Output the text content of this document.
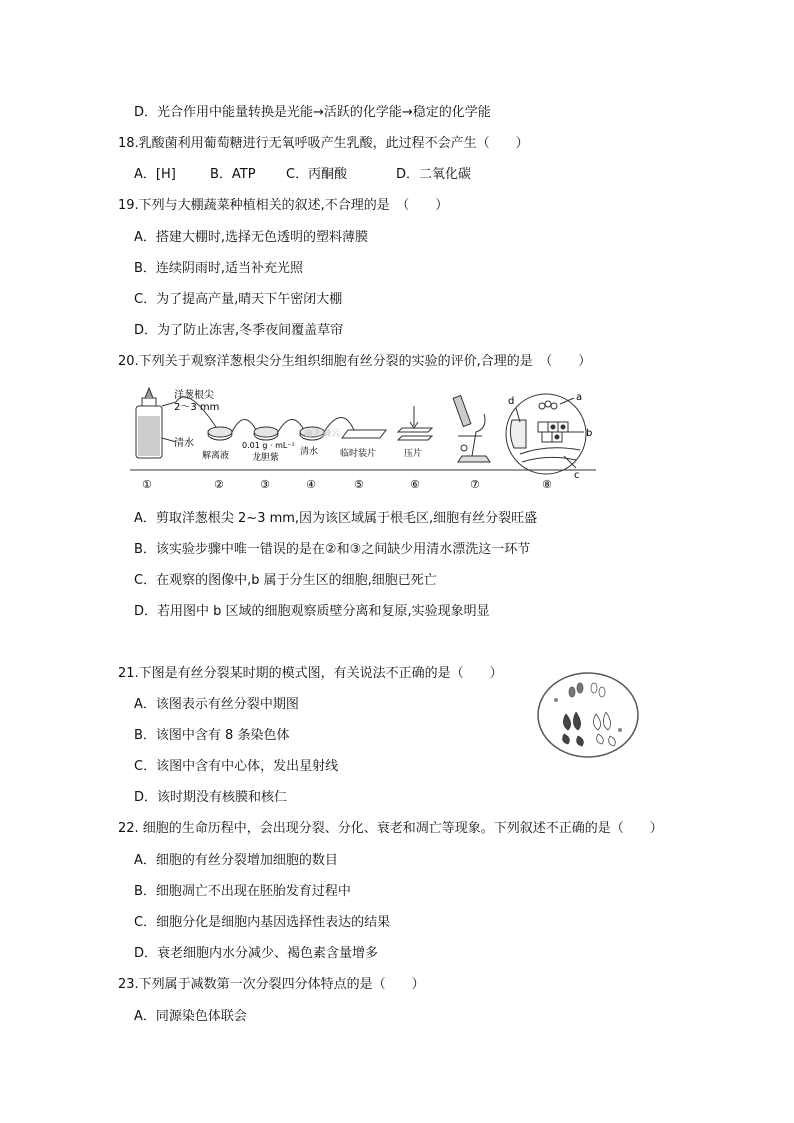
D．光合作用中能量转换是光能→活跃的化学能→稳定的化学能
18.乳酸菌利用葡萄糖进行无氧呼吸产生乳酸，此过程不会产生（　　）
A．[H]	B．ATP C．丙酮酸	D．二氧化碳
19.下列与大棚蔬菜种植相关的叙述,不合理的是　（　　）
A．搭建大棚时,选择无色透明的塑料薄膜
B．连续阴雨时,适当补充光照
C．为了提高产量,晴天下午密闭大棚
D．为了防止冻害,冬季夜间覆盖草帘
20.下列关于观察洋葱根尖分生组织细胞有丝分裂的实验的评价,合理的是　（　　）
洋葱根尖
2～3 mm
清水
解离液
0.01 g · mL⁻¹
龙胆紫
清水
@正确云
临时装片	压片
a
b
c
d
①	②	③	④	⑤	⑥	⑦	⑧
A．剪取洋葱根尖 2~3 mm,因为该区域属于根毛区,细胞有丝分裂旺盛
B．该实验步骤中唯一错误的是在②和③之间缺少用清水漂洗这一环节
C．在观察的图像中,b 属于分生区的细胞,细胞已死亡
D．若用图中 b 区域的细胞观察质壁分离和复原,实验现象明显
21.下图是有丝分裂某时期的模式图，有关说法不正确的是（　　）
A．该图表示有丝分裂中期图
B．该图中含有 8 条染色体
C．该图中含有中心体，发出星射线
D．该时期没有核膜和核仁
22. 细胞的生命历程中，会出现分裂、分化、衰老和凋亡等现象。下列叙述不正确的是（　　）
A．细胞的有丝分裂增加细胞的数目
B．细胞凋亡不出现在胚胎发育过程中
C．细胞分化是细胞内基因选择性表达的结果
D．衰老细胞内水分减少、褐色素含量增多
23.下列属于减数第一次分裂四分体特点的是（　　）
A．同源染色体联会
